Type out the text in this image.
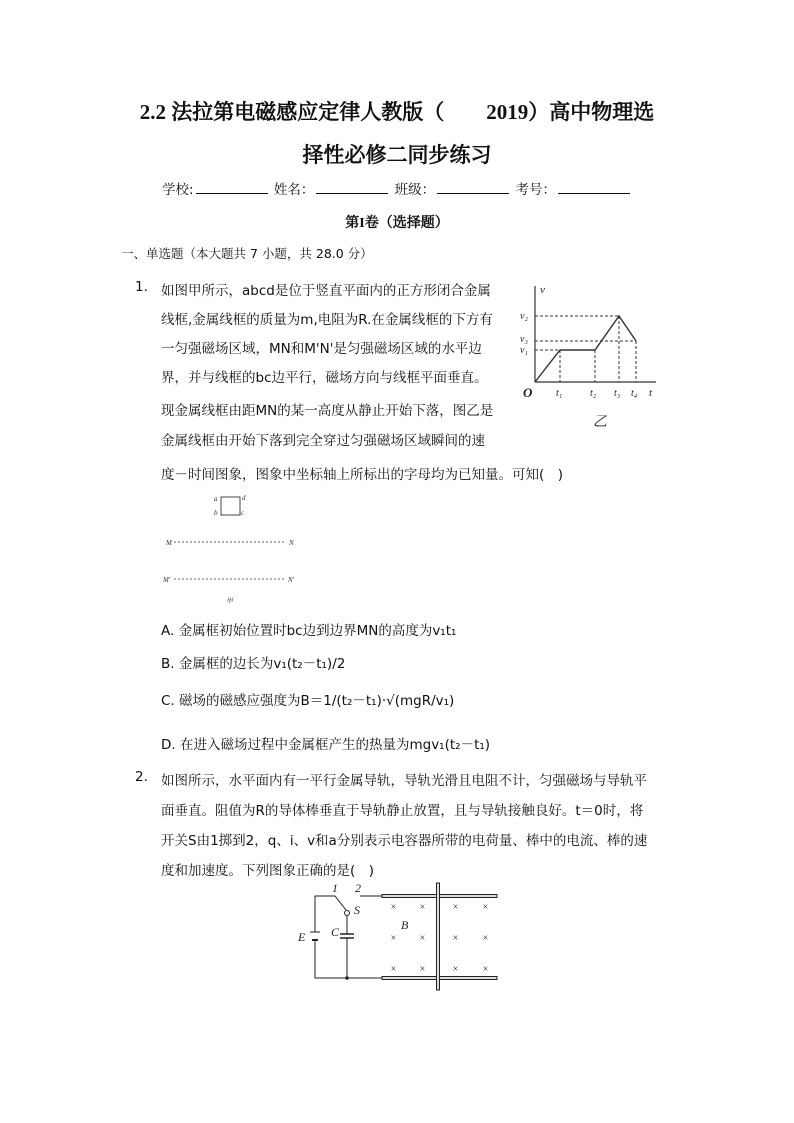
2.2 法拉第电磁感应定律人教版（　　2019）高中物理选
择性必修二同步练习
学校:	姓名：	班级：	考号：
第I卷（选择题）
一、单选题（本大题共 7 小题，共 28.0 分）
1. 如图甲所示，abcd是位于竖直平面内的正方形闭合金属
线框,金属线框的质量为m,电阻为R.在金属线框的下方有
一匀强磁场区域，MN和M'N'是匀强磁场区域的水平边
界，并与线框的bc边平行，磁场方向与线框平面垂直。
现金属线框由距MN的某一高度从静止开始下落，图乙是
金属线框由开始下落到完全穿过匀强磁场区域瞬间的速
度－时间图象，图象中坐标轴上所标出的字母均为已知量。可知(　)
A. 金属框初始位置时bc边到边界MN的高度为v₁t₁
B. 金属框的边长为v₁(t₂－t₁)/2
C. 磁场的磁感应强度为B＝1/(t₂－t₁)·√(mgR/v₁)
D. 在进入磁场过程中金属框产生的热量为mgv₁(t₂－t₁)
2. 如图所示，水平面内有一平行金属导轨，导轨光滑且电阻不计，匀强磁场与导轨平
面垂直。阻值为R的导体棒垂直于导轨静止放置，且与导轨接触良好。t＝0时，将
开关S由1掷到2，q、i、v和a分别表示电容器所带的电荷量、棒中的电流、棒的速
度和加速度。下列图象正确的是(　)
v
t
O
v₂
v₃
v₁
t₁	t₂ t₃ t₄
乙
a
b	c
d
M	N
M'	N'
甲
1 2
S
E C	B
× ×	× ×
× ×	× ×
× ×	× ×
